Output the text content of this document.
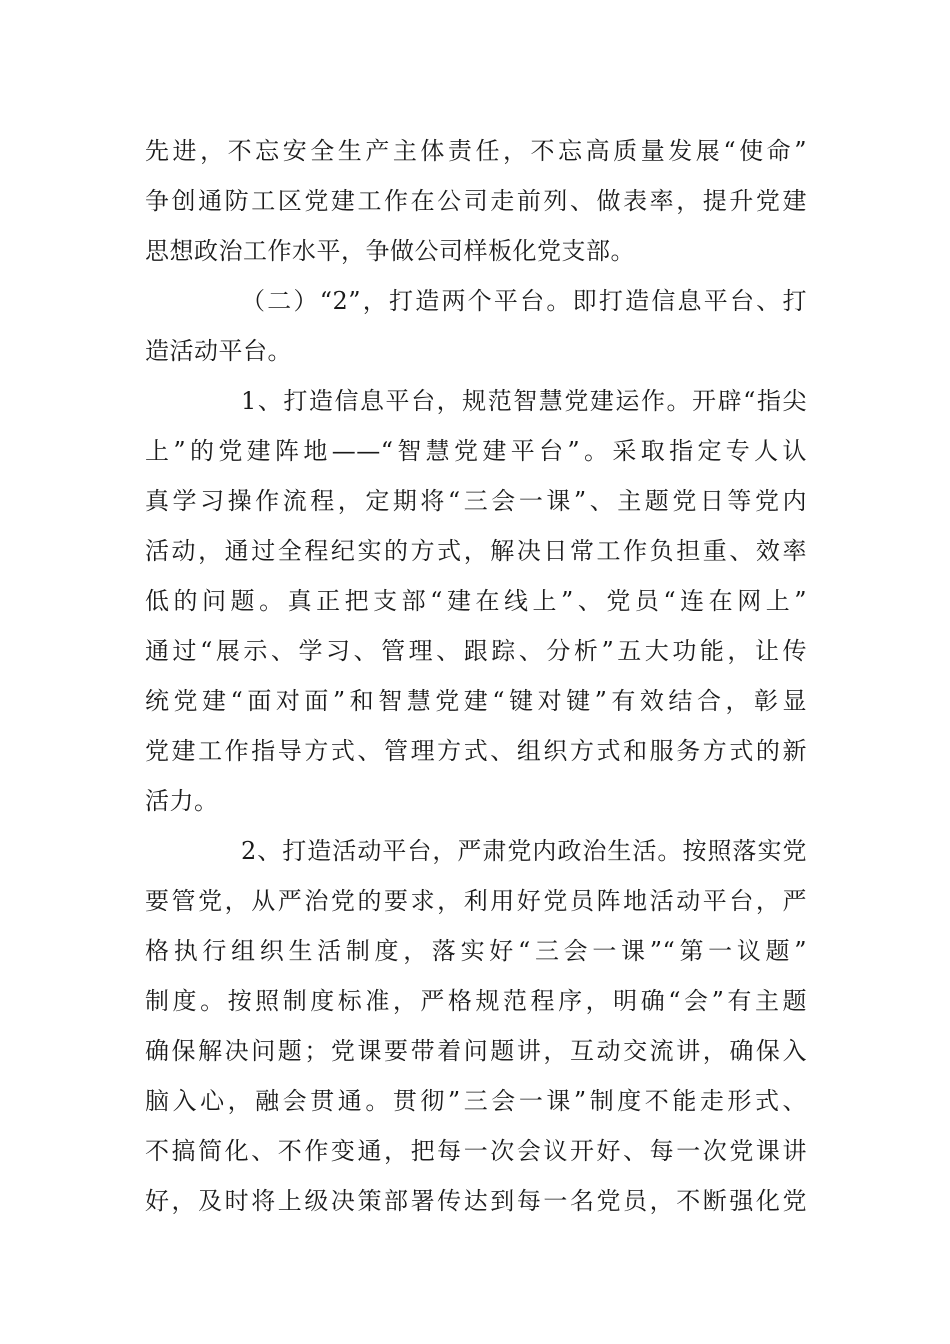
先进，不忘安全生产主体责任，不忘高质量发展“使命”
争创通防工区党建工作在公司走前列、做表率，提升党建
思想政治工作水平，争做公司样板化党支部。
（二）“2”，打造两个平台。即打造信息平台、打
造活动平台。
1、打造信息平台，规范智慧党建运作。开辟“指尖
上”的党建阵地——“智慧党建平台”。采取指定专人认
真学习操作流程，定期将“三会一课”、主题党日等党内
活动，通过全程纪实的方式，解决日常工作负担重、效率
低的问题。真正把支部“建在线上”、党员“连在网上”
通过“展示、学习、管理、跟踪、分析”五大功能，让传
统党建“面对面”和智慧党建“键对键”有效结合，彰显
党建工作指导方式、管理方式、组织方式和服务方式的新
活力。
2、打造活动平台，严肃党内政治生活。按照落实党
要管党，从严治党的要求，利用好党员阵地活动平台，严
格执行组织生活制度，落实好“三会一课”“第一议题”
制度。按照制度标准，严格规范程序，明确“会”有主题
确保解决问题；党课要带着问题讲，互动交流讲，确保入
脑入心，融会贯通。贯彻”三会一课”制度不能走形式、
不搞简化、不作变通，把每一次会议开好、每一次党课讲
好，及时将上级决策部署传达到每一名党员，不断强化党
